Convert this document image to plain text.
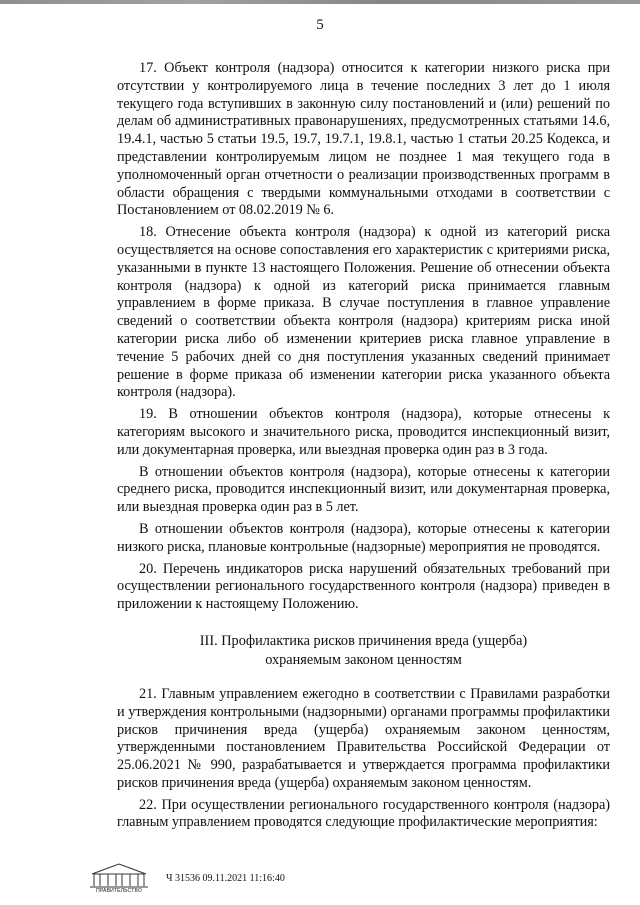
5

17. Объект контроля (надзора) относится к категории низкого риска при отсутствии у контролируемого лица в течение последних 3 лет до 1 июля текущего года вступивших в законную силу постановлений и (или) решений по делам об административных правонарушениях, предусмотренных статьями 14.6, 19.4.1, частью 5 статьи 19.5, 19.7, 19.7.1, 19.8.1, частью 1 статьи 20.25 Кодекса, и представлении контролируемым лицом не позднее 1 мая текущего года в уполномоченный орган отчетности о реализации производственных программ в области обращения с твердыми коммунальными отходами в соответствии с Постановлением от 08.02.2019 № 6.

18. Отнесение объекта контроля (надзора) к одной из категорий риска осуществляется на основе сопоставления его характеристик с критериями риска, указанными в пункте 13 настоящего Положения. Решение об отнесении объекта контроля (надзора) к одной из категорий риска принимается главным управлением в форме приказа. В случае поступления в главное управление сведений о соответствии объекта контроля (надзора) критериям риска иной категории риска либо об изменении критериев риска главное управление в течение 5 рабочих дней со дня поступления указанных сведений принимает решение в форме приказа об изменении категории риска указанного объекта контроля (надзора).

19. В отношении объектов контроля (надзора), которые отнесены к категориям высокого и значительного риска, проводится инспекционный визит, или документарная проверка, или выездная проверка один раз в 3 года.

В отношении объектов контроля (надзора), которые отнесены к категории среднего риска, проводится инспекционный визит, или документарная проверка, или выездная проверка один раз в 5 лет.

В отношении объектов контроля (надзора), которые отнесены к категории низкого риска, плановые контрольные (надзорные) мероприятия не проводятся.

20. Перечень индикаторов риска нарушений обязательных требований при осуществлении регионального государственного контроля (надзора) приведен в приложении к настоящему Положению.

III. Профилактика рисков причинения вреда (ущерба)
охраняемым законом ценностям

21. Главным управлением ежегодно в соответствии с Правилами разработки и утверждения контрольными (надзорными) органами программы профилактики рисков причинения вреда (ущерба) охраняемым законом ценностям, утвержденными постановлением Правительства Российской Федерации от 25.06.2021 № 990, разрабатывается и утверждается программа профилактики рисков причинения вреда (ущерба) охраняемым законом ценностям.

22. При осуществлении регионального государственного контроля (надзора) главным управлением проводятся следующие профилактические мероприятия:

ПРАВИТЕЛЬСТВО
Ч 31536 09.11.2021 11:16:40
